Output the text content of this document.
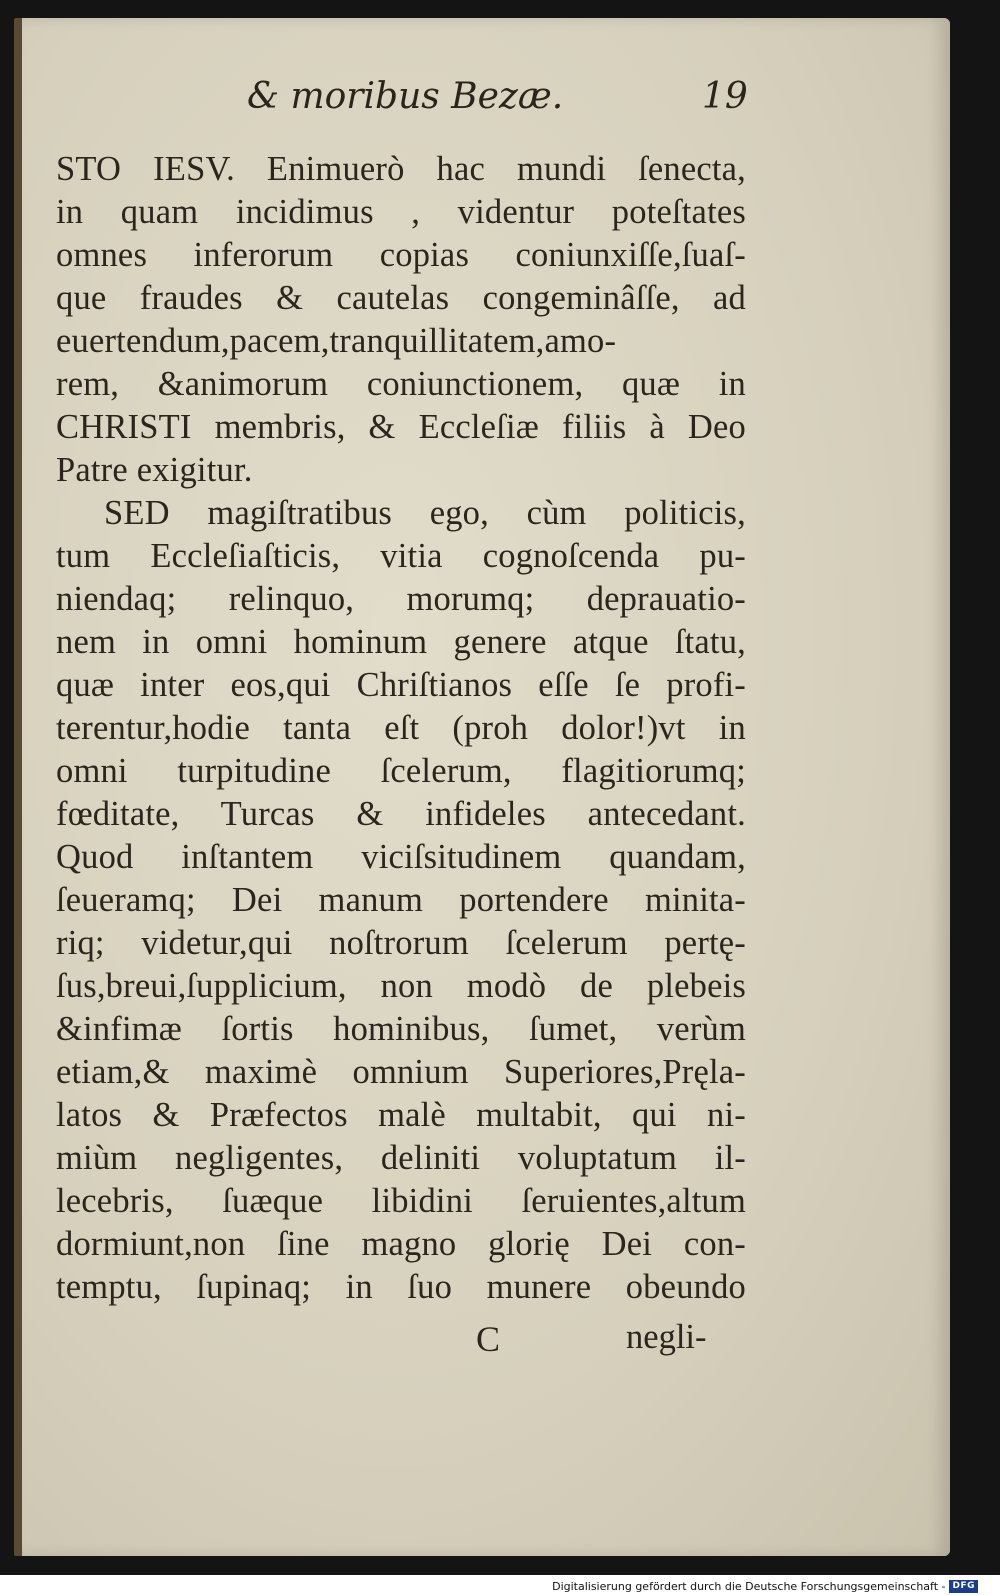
& moribus Bezæ.	19
STO IESV. Enimuerò hac mundi ſenecta,
in quam incidimus , videntur poteſtates
omnes inferorum copias coniunxiſſe,ſuaſ-
que fraudes & cautelas congeminâſſe, ad
euertendum,pacem,tranquillitatem,amo-
rem, &animorum coniunctionem, quæ in
CHRISTI membris, & Eccleſiæ filiis à Deo
Patre exigitur.
SED magiſtratibus ego, cùm politicis,
tum Eccleſiaſticis, vitia cognoſcenda pu-
niendaq; relinquo, morumq; deprauatio-
nem in omni hominum genere atque ſtatu,
quæ inter eos,qui Chriſtianos eſſe ſe profi-
terentur,hodie tanta eſt (proh dolor!)vt in
omni turpitudine ſcelerum, flagitiorumq;
fœditate, Turcas & infideles antecedant.
Quod inſtantem viciſsitudinem quandam,
ſeueramq; Dei manum portendere minita-
riq; videtur,qui noſtrorum ſcelerum pertę-
ſus,breui,ſupplicium, non modò de plebeis
&infimæ ſortis hominibus, ſumet, verùm
etiam,& maximè omnium Superiores,Pręla-
latos & Præfectos malè multabit, qui ni-
miùm negligentes, deliniti voluptatum il-
lecebris, ſuæque libidini ſeruientes,altum
dormiunt,non ſine magno glorię Dei con-
temptu, ſupinaq; in ſuo munere obeundo
C	negli-
Digitalisierung gefördert durch die Deutsche Forschungsgemeinschaft - DFG
